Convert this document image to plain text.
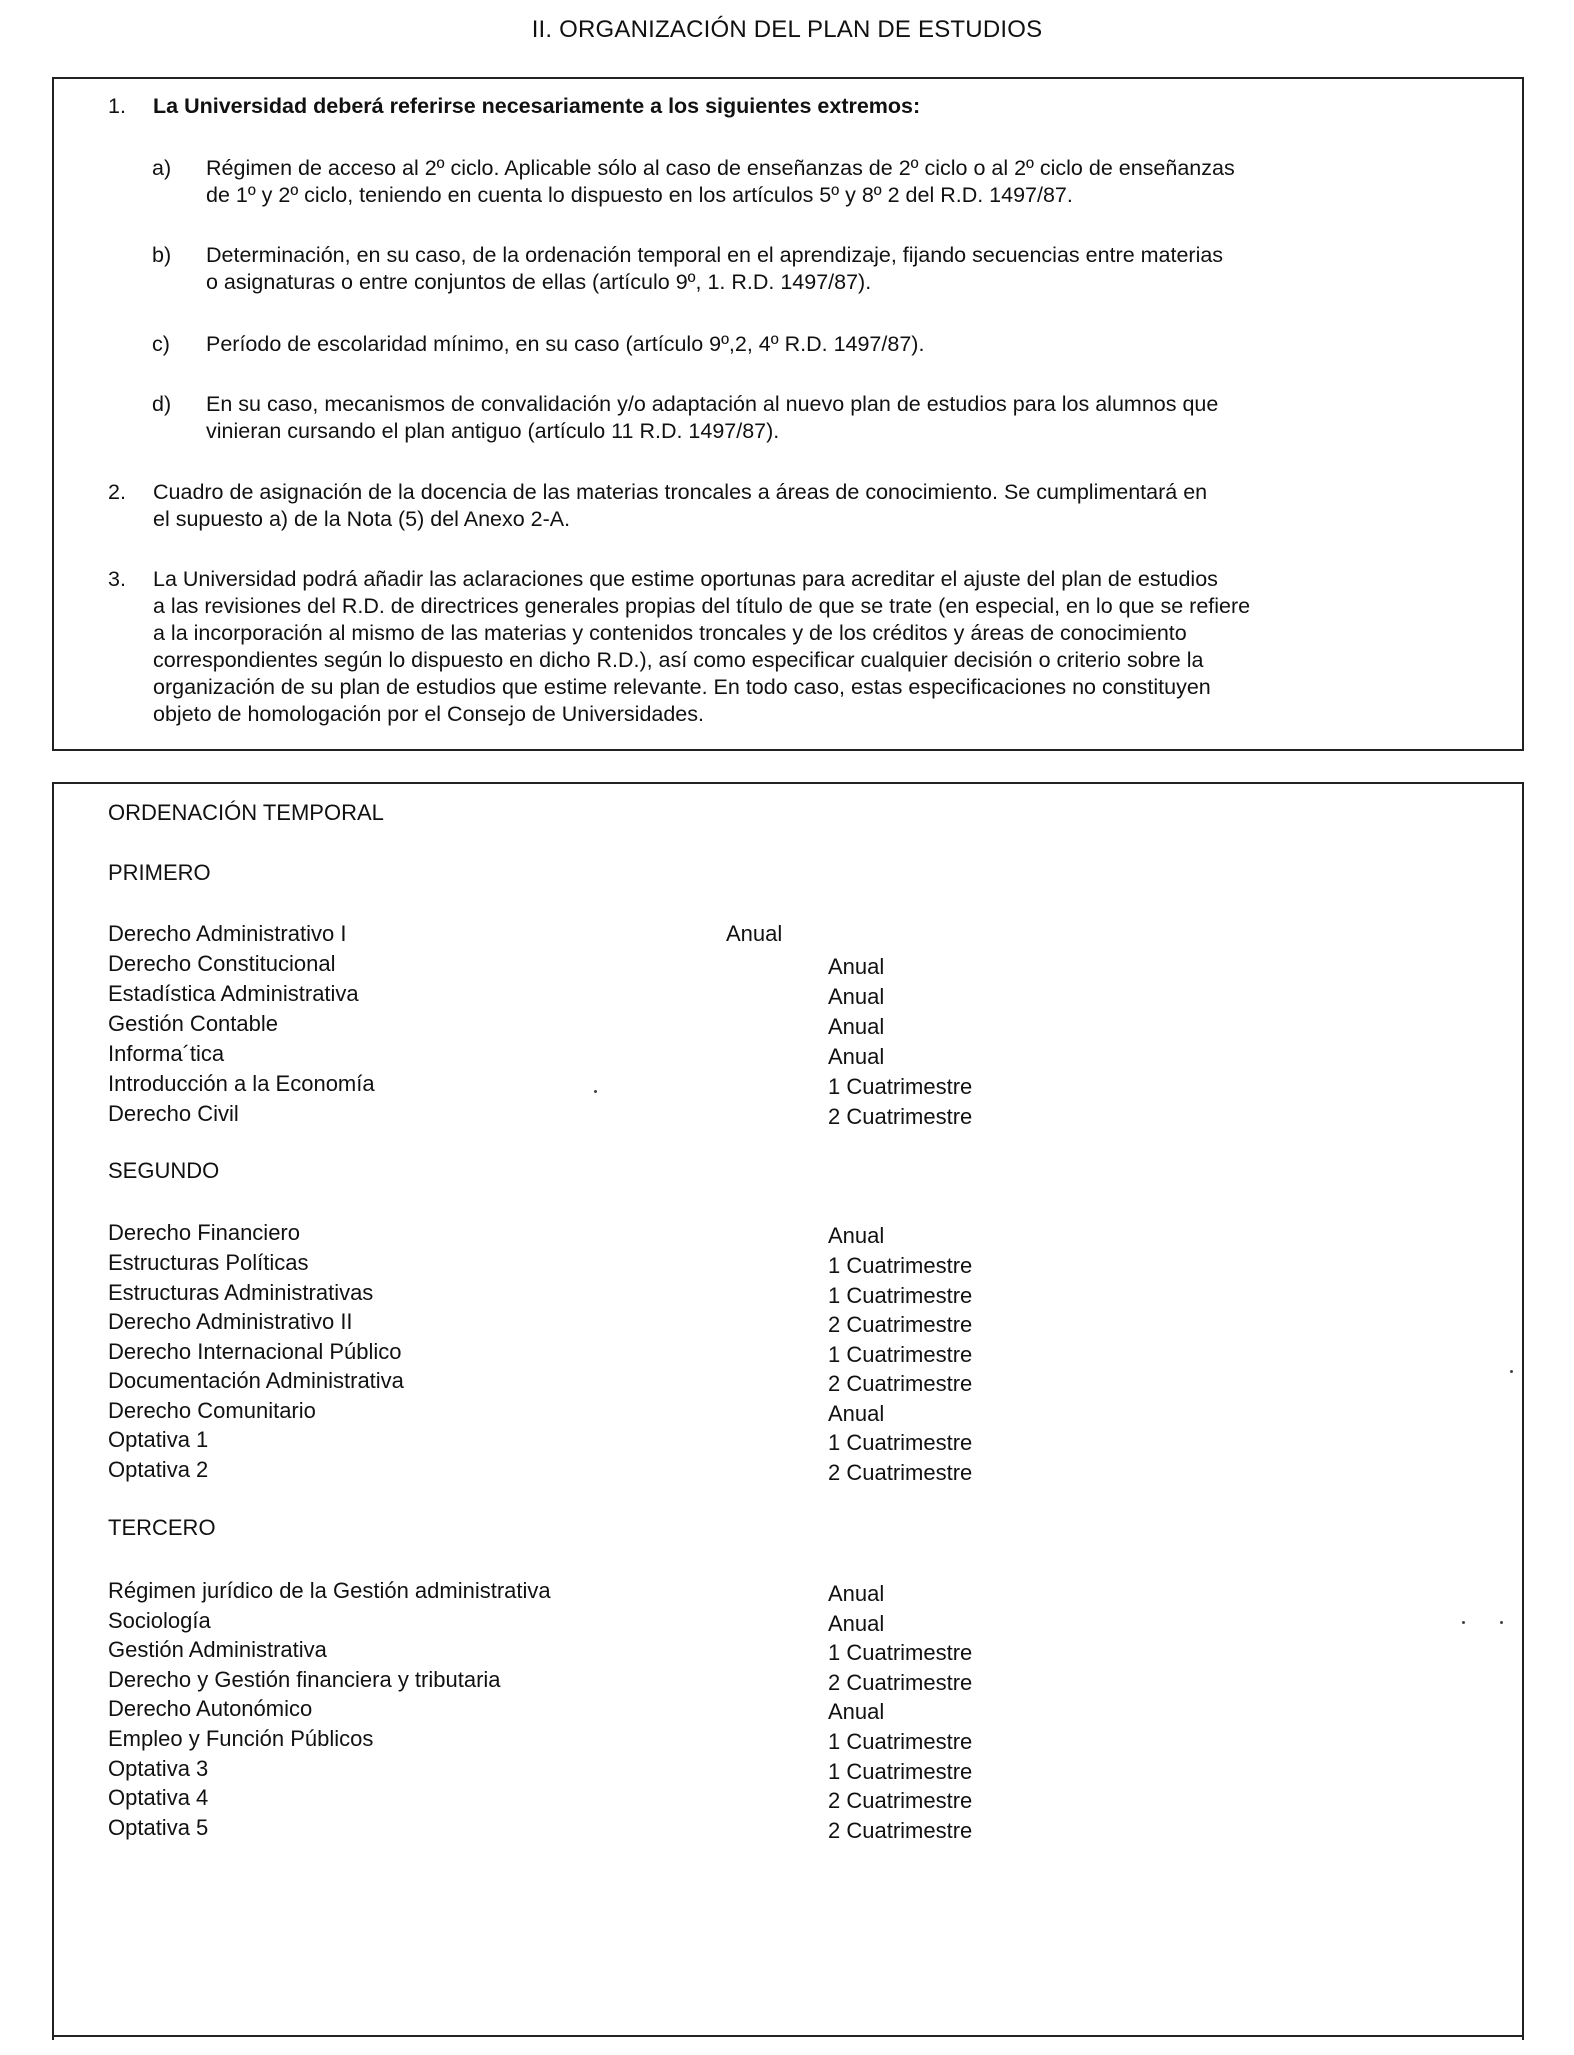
II. ORGANIZACIÓN DEL PLAN DE ESTUDIOS
1. La Universidad deberá referirse necesariamente a los siguientes extremos:
a) Régimen de acceso al 2º ciclo. Aplicable sólo al caso de enseñanzas de 2º ciclo o al 2º ciclo de enseñanzas
de 1º y 2º ciclo, teniendo en cuenta lo dispuesto en los artículos 5º y 8º 2 del R.D. 1497/87.
b) Determinación, en su caso, de la ordenación temporal en el aprendizaje, fijando secuencias entre materias
o asignaturas o entre conjuntos de ellas (artículo 9º, 1. R.D. 1497/87).
c) Período de escolaridad mínimo, en su caso (artículo 9º,2, 4º R.D. 1497/87).
d) En su caso, mecanismos de convalidación y/o adaptación al nuevo plan de estudios para los alumnos que
vinieran cursando el plan antiguo (artículo 11 R.D. 1497/87).
2. Cuadro de asignación de la docencia de las materias troncales a áreas de conocimiento. Se cumplimentará en
el supuesto a) de la Nota (5) del Anexo 2-A.
3. La Universidad podrá añadir las aclaraciones que estime oportunas para acreditar el ajuste del plan de estudios
a las revisiones del R.D. de directrices generales propias del título de que se trate (en especial, en lo que se refiere
a la incorporación al mismo de las materias y contenidos troncales y de los créditos y áreas de conocimiento
correspondientes según lo dispuesto en dicho R.D.), así como especificar cualquier decisión o criterio sobre la
organización de su plan de estudios que estime relevante. En todo caso, estas especificaciones no constituyen
objeto de homologación por el Consejo de Universidades.
ORDENACIÓN TEMPORAL
PRIMERO
Derecho Administrativo I	Anual
Derecho Constitucional	Anual
Estadística Administrativa	Anual
Gestión Contable	Anual
Informa´tica	Anual
Introducción a la Economía	1 Cuatrimestre
Derecho Civil	2 Cuatrimestre
SEGUNDO
Derecho Financiero	Anual
Estructuras Políticas	1 Cuatrimestre
Estructuras Administrativas	1 Cuatrimestre
Derecho Administrativo II	2 Cuatrimestre
Derecho Internacional Público	1 Cuatrimestre
Documentación Administrativa	2 Cuatrimestre
Derecho Comunitario	Anual
Optativa 1	1 Cuatrimestre
Optativa 2	2 Cuatrimestre
TERCERO
Régimen jurídico de la Gestión administrativa	Anual
Sociología	Anual
Gestión Administrativa	1 Cuatrimestre
Derecho y Gestión financiera y tributaria	2 Cuatrimestre
Derecho Autonómico	Anual
Empleo y Función Públicos	1 Cuatrimestre
Optativa 3	1 Cuatrimestre
Optativa 4	2 Cuatrimestre
Optativa 5	2 Cuatrimestre
